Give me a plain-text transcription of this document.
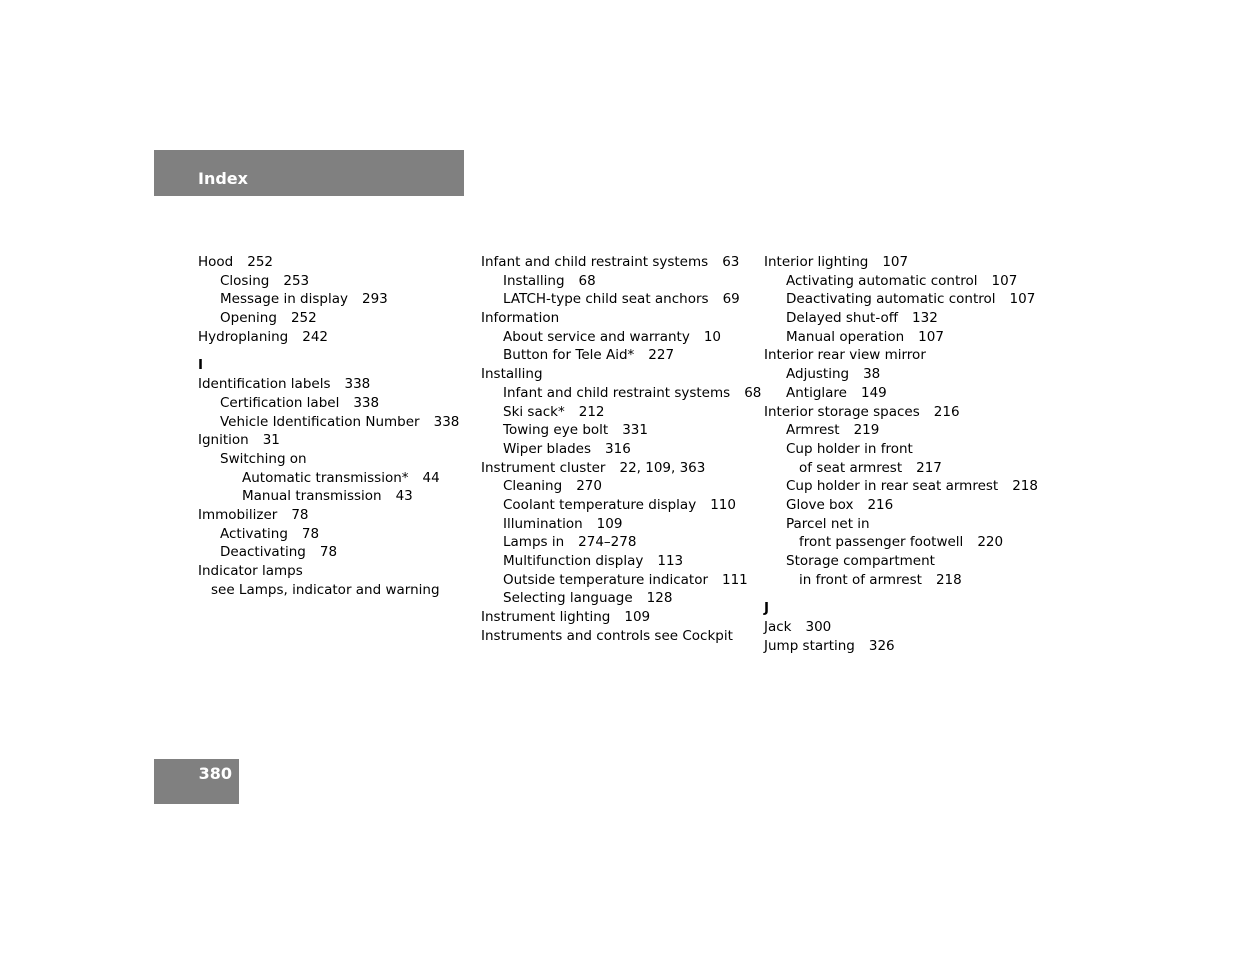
Index
Hood 252
Closing 253
Message in display 293
Opening 252
Hydroplaning 242
I
Identification labels 338
Certification label 338
Vehicle Identification Number 338
Ignition 31
Switching on
Automatic transmission* 44
Manual transmission 43
Immobilizer 78
Activating 78
Deactivating 78
Indicator lamps
see Lamps, indicator and warning
Infant and child restraint systems 63
Installing 68
LATCH-type child seat anchors 69
Information
About service and warranty 10
Button for Tele Aid* 227
Installing
Infant and child restraint systems 68
Ski sack* 212
Towing eye bolt 331
Wiper blades 316
Instrument cluster 22, 109, 363
Cleaning 270
Coolant temperature display 110
Illumination 109
Lamps in 274–278
Multifunction display 113
Outside temperature indicator 111
Selecting language 128
Instrument lighting 109
Instruments and controls see Cockpit
Interior lighting 107
Activating automatic control 107
Deactivating automatic control 107
Delayed shut-off 132
Manual operation 107
Interior rear view mirror
Adjusting 38
Antiglare 149
Interior storage spaces 216
Armrest 219
Cup holder in front
of seat armrest 217
Cup holder in rear seat armrest 218
Glove box 216
Parcel net in
front passenger footwell 220
Storage compartment
in front of armrest 218
J
Jack 300
Jump starting 326
380
